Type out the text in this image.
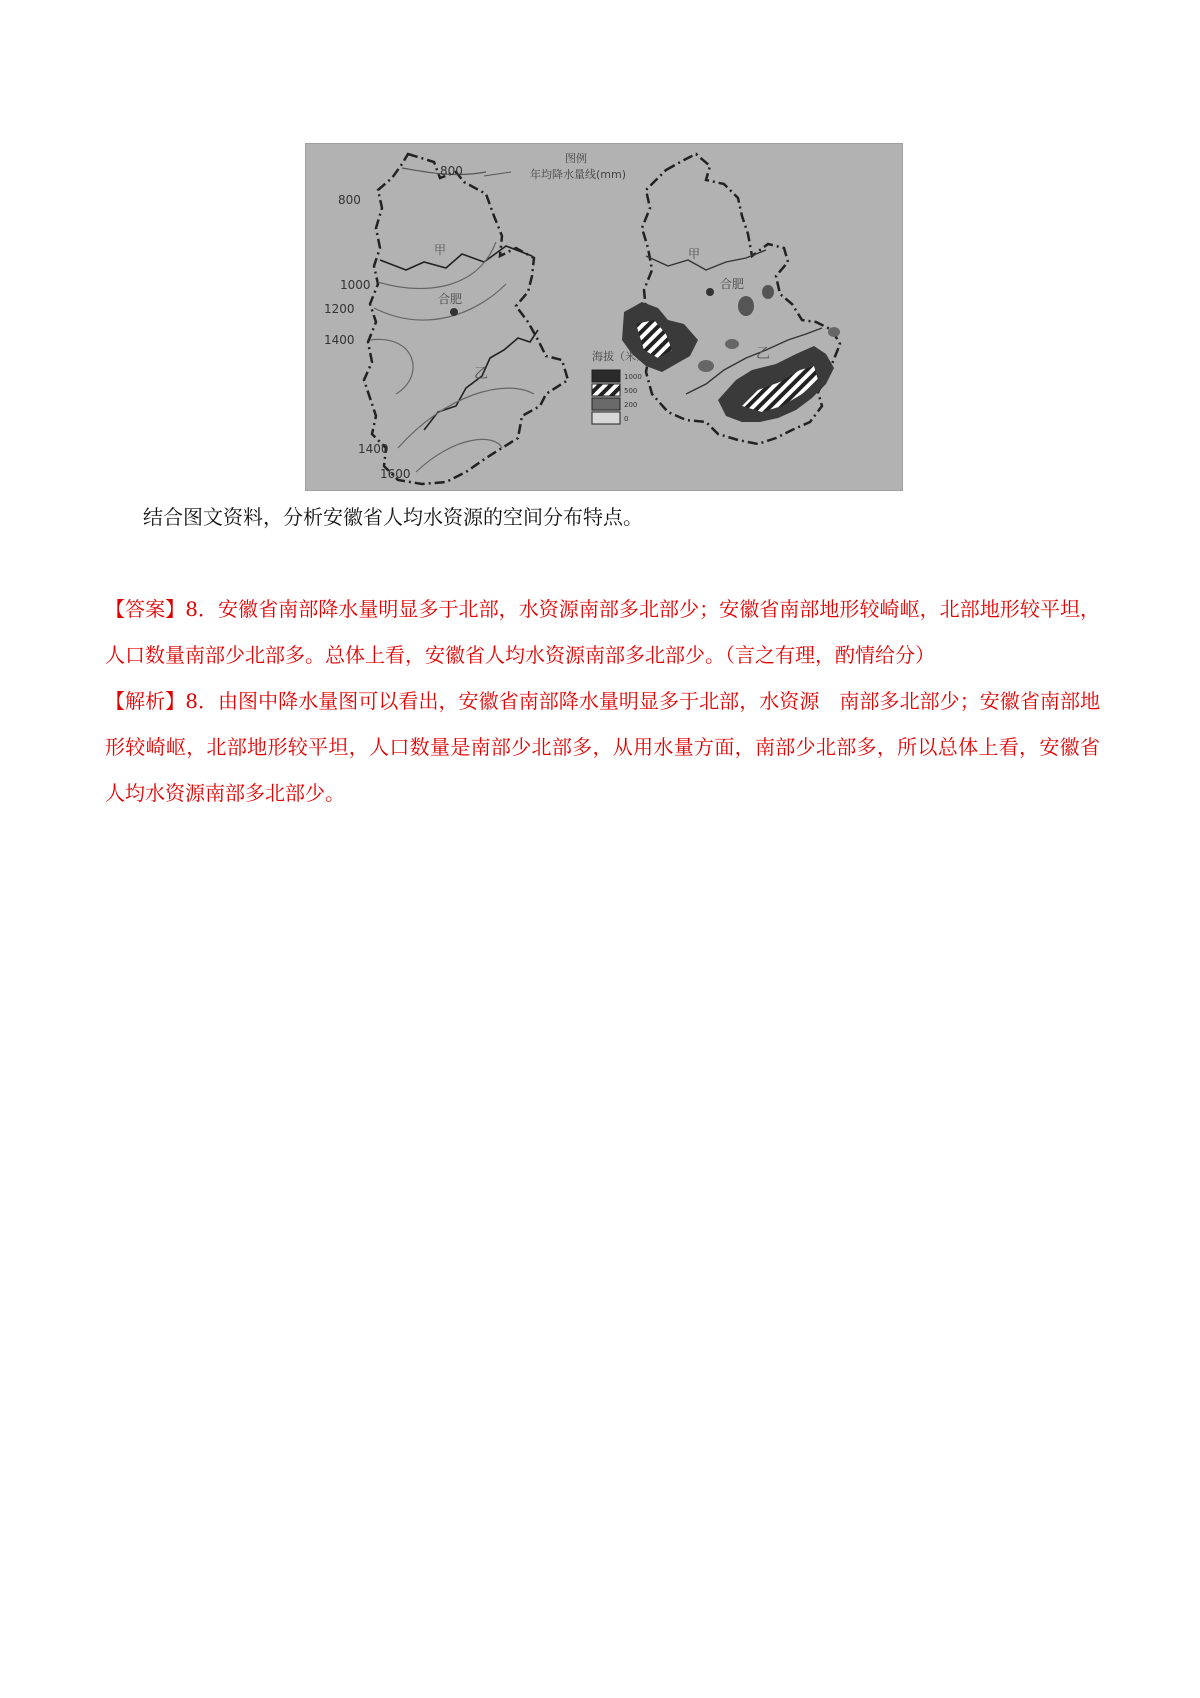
图例
年均降水量线(mm)
800
800
1000
1200
1400
1400
1600
甲
乙
合肥
甲
合肥
乙
海拔（米）
1000
500
200
0
结合图文资料，分析安徽省人均水资源的空间分布特点。

【答案】8．安徽省南部降水量明显多于北部，水资源南部多北部少；安徽省南部地形较崎岖，北部地形较平坦，人口数量南部少北部多。总体上看，安徽省人均水资源南部多北部少。（言之有理，酌情给分）

【解析】8．由图中降水量图可以看出，安徽省南部降水量明显多于北部，水资源　南部多北部少；安徽省南部地形较崎岖，北部地形较平坦，人口数量是南部少北部多，从用水量方面，南部少北部多，所以总体上看，安徽省人均水资源南部多北部少。
